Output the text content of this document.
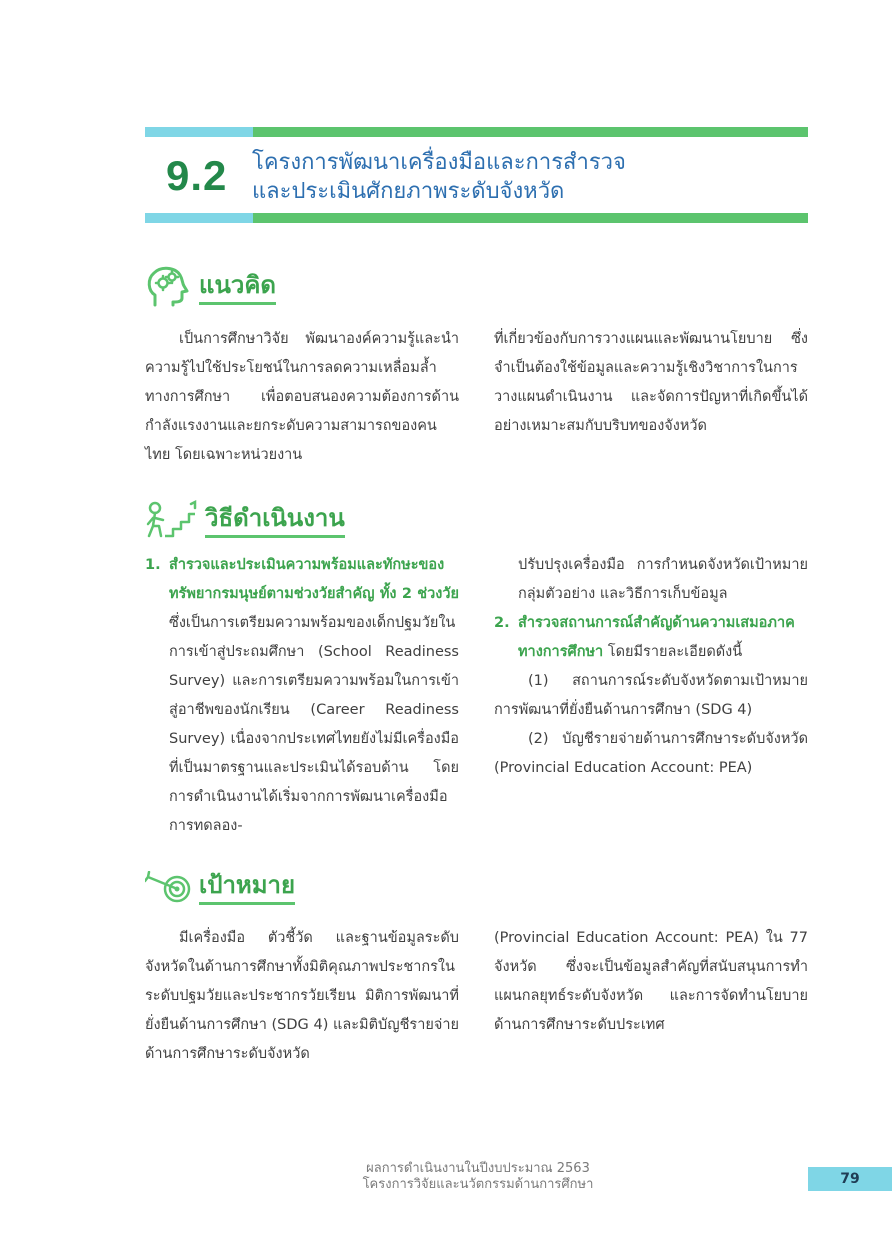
9.2 โครงการพัฒนาเครื่องมือและการสำรวจ
และประเมินศักยภาพระดับจังหวัด
แนวคิด

เป็นการศึกษาวิจัย พัฒนาองค์ความรู้และนำความรู้ไปใช้ประโยชน์ในการลดความเหลื่อมล้ำทางการศึกษา เพื่อตอบสนองความต้องการด้านกำลังแรงงานและยกระดับความสามารถของคนไทย โดยเฉพาะหน่วยงาน

ที่เกี่ยวข้องกับการวางแผนและพัฒนานโยบาย ซึ่งจำเป็นต้องใช้ข้อมูลและความรู้เชิงวิชาการในการวางแผนดำเนินงาน และจัดการปัญหาที่เกิดขึ้นได้อย่างเหมาะสมกับบริบทของจังหวัด

วิธีดำเนินงาน
1. สำรวจและประเมินความพร้อมและทักษะของทรัพยากรมนุษย์ตามช่วงวัยสำคัญ ทั้ง 2 ช่วงวัย ซึ่งเป็นการเตรียมความพร้อมของเด็กปฐมวัยในการเข้าสู่ประถมศึกษา (School Readiness Survey) และการเตรียมความพร้อมในการเข้าสู่อาชีพของนักเรียน (Career Readiness Survey) เนื่องจากประเทศไทยยังไม่มีเครื่องมือที่เป็นมาตรฐานและประเมินได้รอบด้าน โดยการดำเนินงานได้เริ่มจากการพัฒนาเครื่องมือ การทดลอง-
ปรับปรุงเครื่องมือ การกำหนดจังหวัดเป้าหมาย กลุ่มตัวอย่าง และวิธีการเก็บข้อมูล
2. สำรวจสถานการณ์สำคัญด้านความเสมอภาคทางการศึกษา โดยมีรายละเอียดดังนี้

(1) สถานการณ์ระดับจังหวัดตามเป้าหมายการพัฒนาที่ยั่งยืนด้านการศึกษา (SDG 4)

(2) บัญชีรายจ่ายด้านการศึกษาระดับจังหวัด (Provincial Education Account: PEA)

เป้าหมาย

มีเครื่องมือ ตัวชี้วัด และฐานข้อมูลระดับจังหวัดในด้านการศึกษาทั้งมิติคุณภาพประชากรในระดับปฐมวัยและประชากรวัยเรียน มิติการพัฒนาที่ยั่งยืนด้านการศึกษา (SDG 4) และมิติบัญชีรายจ่ายด้านการศึกษาระดับจังหวัด

(Provincial Education Account: PEA) ใน 77 จังหวัด ซึ่งจะเป็นข้อมูลสำคัญที่สนับสนุนการทำแผนกลยุทธ์ระดับจังหวัด และการจัดทำนโยบายด้านการศึกษาระดับประเทศ

ผลการดำเนินงานในปีงบประมาณ 2563
โครงการวิจัยและนวัตกรรมด้านการศึกษา	79
